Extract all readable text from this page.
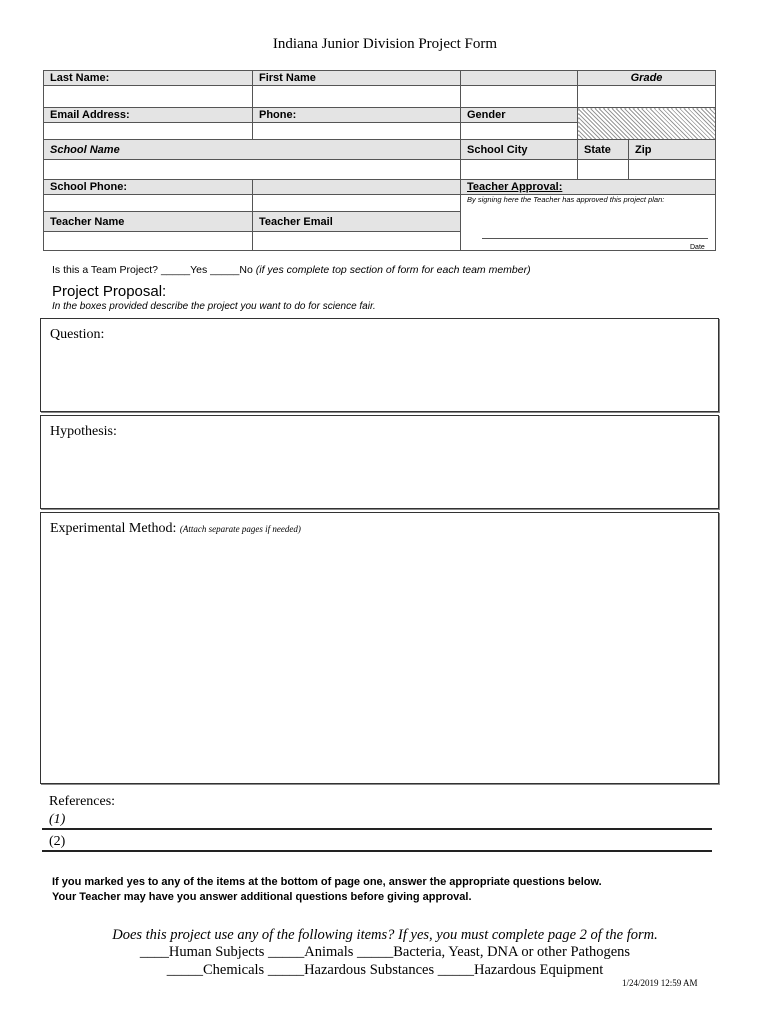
Indiana Junior Division Project Form
Last Name:	First Name		Grade	

Email Address:	Phone:	Gender		

School Name		School City	State	Zip

School Phone:		Teacher Approval:		
		By signing here the Teacher has approved this project plan:		
Teacher Name	Teacher Email			

Date
Is this a Team Project? _____Yes _____No (if yes complete top section of form for each team member)
Project Proposal:
In the boxes provided describe the project you want to do for science fair.
Question:
Hypothesis:
Experimental Method: (Attach separate pages if needed)
References:
(1)
(2)
If you marked yes to any of the items at the bottom of page one, answer the appropriate questions below.
Your Teacher may have you answer additional questions before giving approval.
Does this project use any of the following items? If yes, you must complete page 2 of the form.
____Human Subjects _____Animals _____Bacteria, Yeast, DNA or other Pathogens
_____Chemicals _____Hazardous Substances _____Hazardous Equipment
1/24/2019 12:59 AM
